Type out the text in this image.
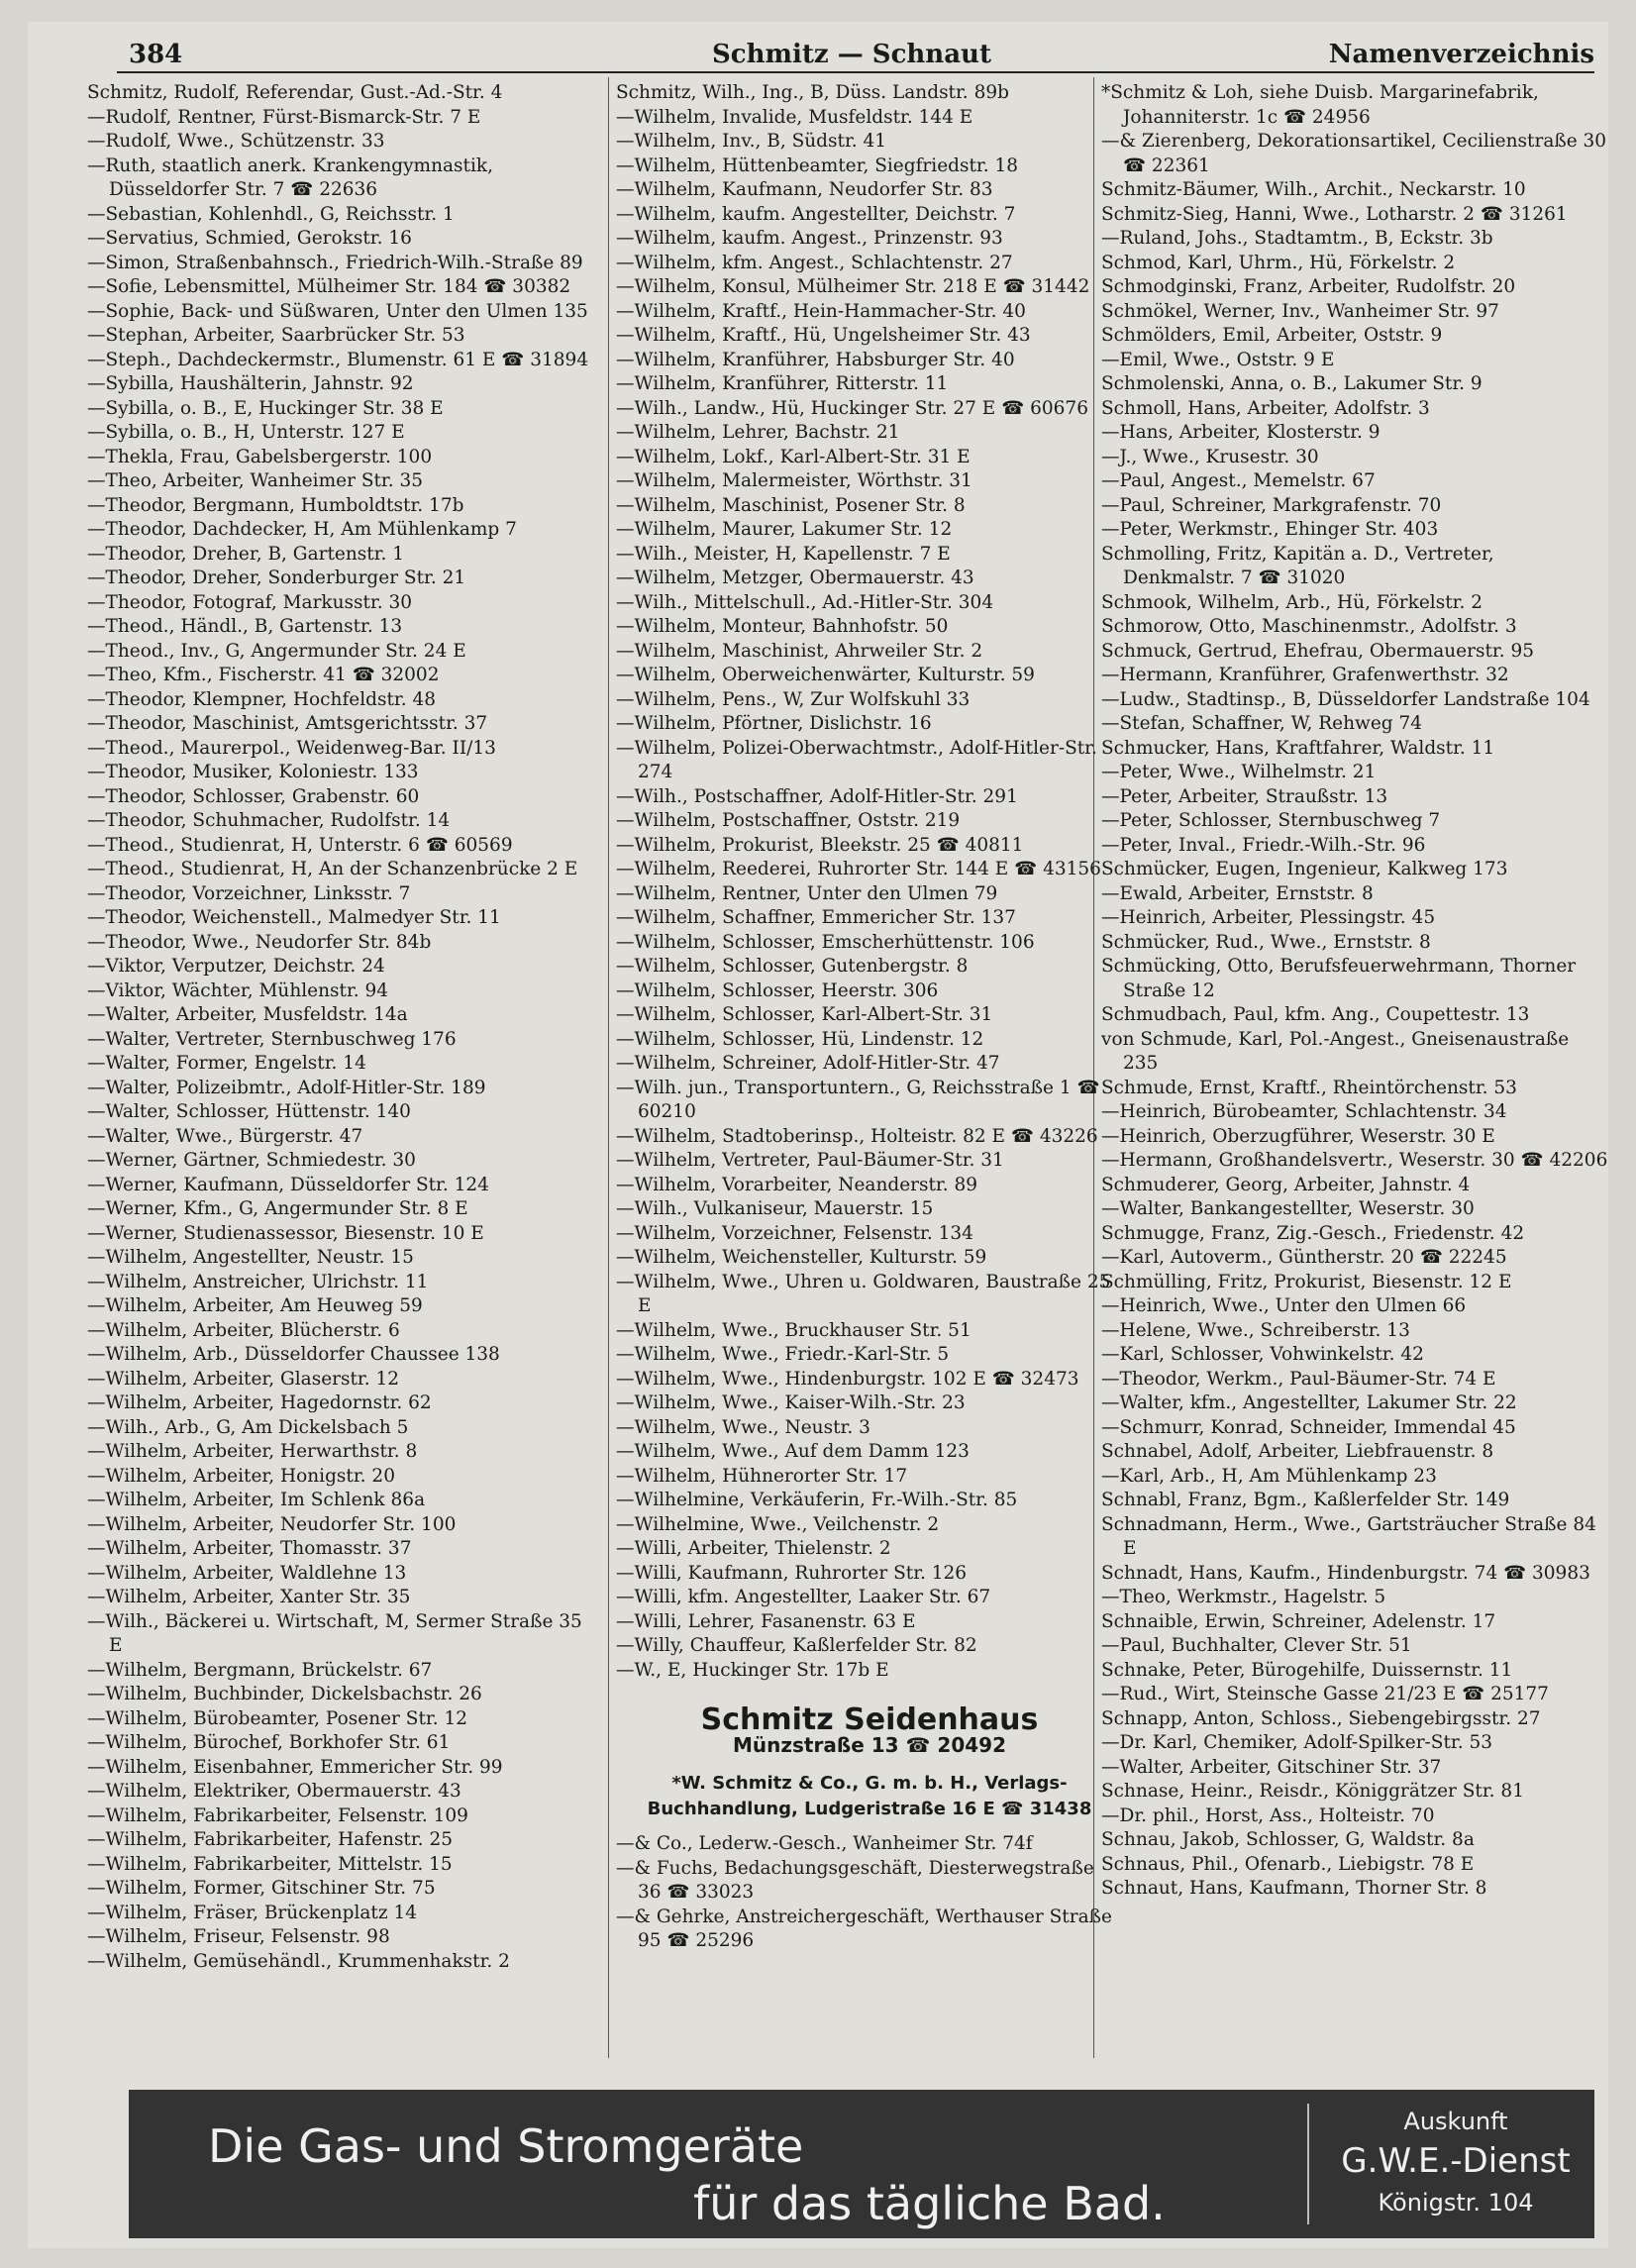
384	Schmitz — Schnaut	Namenverzeichnis

Schmitz, Rudolf, Referendar, Gust.-Ad.-Str. 4

—Rudolf, Rentner, Fürst-Bismarck-Str. 7 E

—Rudolf, Wwe., Schützenstr. 33

—Ruth, staatlich anerk. Krankengymnastik, Düsseldorfer Str. 7 ☎ 22636

—Sebastian, Kohlenhdl., G, Reichsstr. 1

—Servatius, Schmied, Gerokstr. 16

—Simon, Straßenbahnsch., Friedrich-Wilh.-Straße 89

—Sofie, Lebensmittel, Mülheimer Str. 184 ☎ 30382

—Sophie, Back- und Süßwaren, Unter den Ulmen 135

—Stephan, Arbeiter, Saarbrücker Str. 53

—Steph., Dachdeckermstr., Blumenstr. 61 E ☎ 31894

—Sybilla, Haushälterin, Jahnstr. 92

—Sybilla, o. B., E, Huckinger Str. 38 E

—Sybilla, o. B., H, Unterstr. 127 E

—Thekla, Frau, Gabelsbergerstr. 100

—Theo, Arbeiter, Wanheimer Str. 35

—Theodor, Bergmann, Humboldtstr. 17b

—Theodor, Dachdecker, H, Am Mühlenkamp 7

—Theodor, Dreher, B, Gartenstr. 1

—Theodor, Dreher, Sonderburger Str. 21

—Theodor, Fotograf, Markusstr. 30

—Theod., Händl., B, Gartenstr. 13

—Theod., Inv., G, Angermunder Str. 24 E

—Theo, Kfm., Fischerstr. 41 ☎ 32002

—Theodor, Klempner, Hochfeldstr. 48

—Theodor, Maschinist, Amtsgerichtsstr. 37

—Theod., Maurerpol., Weidenweg-Bar. II/13

—Theodor, Musiker, Koloniestr. 133

—Theodor, Schlosser, Grabenstr. 60

—Theodor, Schuhmacher, Rudolfstr. 14

—Theod., Studienrat, H, Unterstr. 6 ☎ 60569

—Theod., Studienrat, H, An der Schanzenbrücke 2 E

—Theodor, Vorzeichner, Linksstr. 7

—Theodor, Weichenstell., Malmedyer Str. 11

—Theodor, Wwe., Neudorfer Str. 84b

—Viktor, Verputzer, Deichstr. 24

—Viktor, Wächter, Mühlenstr. 94

—Walter, Arbeiter, Musfeldstr. 14a

—Walter, Vertreter, Sternbuschweg 176

—Walter, Former, Engelstr. 14

—Walter, Polizeibmtr., Adolf-Hitler-Str. 189

—Walter, Schlosser, Hüttenstr. 140

—Walter, Wwe., Bürgerstr. 47

—Werner, Gärtner, Schmiedestr. 30

—Werner, Kaufmann, Düsseldorfer Str. 124

—Werner, Kfm., G, Angermunder Str. 8 E

—Werner, Studienassessor, Biesenstr. 10 E

—Wilhelm, Angestellter, Neustr. 15

—Wilhelm, Anstreicher, Ulrichstr. 11

—Wilhelm, Arbeiter, Am Heuweg 59

—Wilhelm, Arbeiter, Blücherstr. 6

—Wilhelm, Arb., Düsseldorfer Chaussee 138

—Wilhelm, Arbeiter, Glaserstr. 12

—Wilhelm, Arbeiter, Hagedornstr. 62

—Wilh., Arb., G, Am Dickelsbach 5

—Wilhelm, Arbeiter, Herwarthstr. 8

—Wilhelm, Arbeiter, Honigstr. 20

—Wilhelm, Arbeiter, Im Schlenk 86a

—Wilhelm, Arbeiter, Neudorfer Str. 100

—Wilhelm, Arbeiter, Thomasstr. 37

—Wilhelm, Arbeiter, Waldlehne 13

—Wilhelm, Arbeiter, Xanter Str. 35

—Wilh., Bäckerei u. Wirtschaft, M, Sermer Straße 35 E

—Wilhelm, Bergmann, Brückelstr. 67

—Wilhelm, Buchbinder, Dickelsbachstr. 26

—Wilhelm, Bürobeamter, Posener Str. 12

—Wilhelm, Bürochef, Borkhofer Str. 61

—Wilhelm, Eisenbahner, Emmericher Str. 99

—Wilhelm, Elektriker, Obermauerstr. 43

—Wilhelm, Fabrikarbeiter, Felsenstr. 109

—Wilhelm, Fabrikarbeiter, Hafenstr. 25

—Wilhelm, Fabrikarbeiter, Mittelstr. 15

—Wilhelm, Former, Gitschiner Str. 75

—Wilhelm, Fräser, Brückenplatz 14

—Wilhelm, Friseur, Felsenstr. 98

—Wilhelm, Gemüsehändl., Krummenhakstr. 2

Schmitz, Wilh., Ing., B, Düss. Landstr. 89b

—Wilhelm, Invalide, Musfeldstr. 144 E

—Wilhelm, Inv., B, Südstr. 41

—Wilhelm, Hüttenbeamter, Siegfriedstr. 18

—Wilhelm, Kaufmann, Neudorfer Str. 83

—Wilhelm, kaufm. Angestellter, Deichstr. 7

—Wilhelm, kaufm. Angest., Prinzenstr. 93

—Wilhelm, kfm. Angest., Schlachtenstr. 27

—Wilhelm, Konsul, Mülheimer Str. 218 E ☎ 31442

—Wilhelm, Kraftf., Hein-Hammacher-Str. 40

—Wilhelm, Kraftf., Hü, Ungelsheimer Str. 43

—Wilhelm, Kranführer, Habsburger Str. 40

—Wilhelm, Kranführer, Ritterstr. 11

—Wilh., Landw., Hü, Huckinger Str. 27 E ☎ 60676

—Wilhelm, Lehrer, Bachstr. 21

—Wilhelm, Lokf., Karl-Albert-Str. 31 E

—Wilhelm, Malermeister, Wörthstr. 31

—Wilhelm, Maschinist, Posener Str. 8

—Wilhelm, Maurer, Lakumer Str. 12

—Wilh., Meister, H, Kapellenstr. 7 E

—Wilhelm, Metzger, Obermauerstr. 43

—Wilh., Mittelschull., Ad.-Hitler-Str. 304

—Wilhelm, Monteur, Bahnhofstr. 50

—Wilhelm, Maschinist, Ahrweiler Str. 2

—Wilhelm, Oberweichenwärter, Kulturstr. 59

—Wilhelm, Pens., W, Zur Wolfskuhl 33

—Wilhelm, Pförtner, Dislichstr. 16

—Wilhelm, Polizei-Oberwachtmstr., Adolf-Hitler-Str. 274

—Wilh., Postschaffner, Adolf-Hitler-Str. 291

—Wilhelm, Postschaffner, Oststr. 219

—Wilhelm, Prokurist, Bleekstr. 25 ☎ 40811

—Wilhelm, Reederei, Ruhrorter Str. 144 E ☎ 43156

—Wilhelm, Rentner, Unter den Ulmen 79

—Wilhelm, Schaffner, Emmericher Str. 137

—Wilhelm, Schlosser, Emscherhüttenstr. 106

—Wilhelm, Schlosser, Gutenbergstr. 8

—Wilhelm, Schlosser, Heerstr. 306

—Wilhelm, Schlosser, Karl-Albert-Str. 31

—Wilhelm, Schlosser, Hü, Lindenstr. 12

—Wilhelm, Schreiner, Adolf-Hitler-Str. 47

—Wilh. jun., Transportuntern., G, Reichsstraße 1 ☎ 60210

—Wilhelm, Stadtoberinsp., Holteistr. 82 E ☎ 43226

—Wilhelm, Vertreter, Paul-Bäumer-Str. 31

—Wilhelm, Vorarbeiter, Neanderstr. 89

—Wilh., Vulkaniseur, Mauerstr. 15

—Wilhelm, Vorzeichner, Felsenstr. 134

—Wilhelm, Weichensteller, Kulturstr. 59

—Wilhelm, Wwe., Uhren u. Goldwaren, Baustraße 25 E

—Wilhelm, Wwe., Bruckhauser Str. 51

—Wilhelm, Wwe., Friedr.-Karl-Str. 5

—Wilhelm, Wwe., Hindenburgstr. 102 E ☎ 32473

—Wilhelm, Wwe., Kaiser-Wilh.-Str. 23

—Wilhelm, Wwe., Neustr. 3

—Wilhelm, Wwe., Auf dem Damm 123

—Wilhelm, Hühnerorter Str. 17

—Wilhelmine, Verkäuferin, Fr.-Wilh.-Str. 85

—Wilhelmine, Wwe., Veilchenstr. 2

—Willi, Arbeiter, Thielenstr. 2

—Willi, Kaufmann, Ruhrorter Str. 126

—Willi, kfm. Angestellter, Laaker Str. 67

—Willi, Lehrer, Fasanenstr. 63 E

—Willy, Chauffeur, Kaßlerfelder Str. 82

—W., E, Huckinger Str. 17b E

Schmitz Seidenhaus
Münzstraße 13 ☎ 20492
*W. Schmitz & Co., G. m. b. H., Verlags-Buchhandlung, Ludgeristraße 16 E ☎ 31438

—& Co., Lederw.-Gesch., Wanheimer Str. 74f

—& Fuchs, Bedachungsgeschäft, Diesterwegstraße 36 ☎ 33023

—& Gehrke, Anstreichergeschäft, Werthauser Straße 95 ☎ 25296

*Schmitz & Loh, siehe Duisb. Margarinefabrik, Johanniterstr. 1c ☎ 24956

—& Zierenberg, Dekorationsartikel, Cecilienstraße 30 ☎ 22361

Schmitz-Bäumer, Wilh., Archit., Neckarstr. 10

Schmitz-Sieg, Hanni, Wwe., Lotharstr. 2 ☎ 31261

—Ruland, Johs., Stadtamtm., B, Eckstr. 3b

Schmod, Karl, Uhrm., Hü, Förkelstr. 2

Schmodginski, Franz, Arbeiter, Rudolfstr. 20

Schmökel, Werner, Inv., Wanheimer Str. 97

Schmölders, Emil, Arbeiter, Oststr. 9

—Emil, Wwe., Oststr. 9 E

Schmolenski, Anna, o. B., Lakumer Str. 9

Schmoll, Hans, Arbeiter, Adolfstr. 3

—Hans, Arbeiter, Klosterstr. 9

—J., Wwe., Krusestr. 30

—Paul, Angest., Memelstr. 67

—Paul, Schreiner, Markgrafenstr. 70

—Peter, Werkmstr., Ehinger Str. 403

Schmolling, Fritz, Kapitän a. D., Vertreter, Denkmalstr. 7 ☎ 31020

Schmook, Wilhelm, Arb., Hü, Förkelstr. 2

Schmorow, Otto, Maschinenmstr., Adolfstr. 3

Schmuck, Gertrud, Ehefrau, Obermauerstr. 95

—Hermann, Kranführer, Grafenwerthstr. 32

—Ludw., Stadtinsp., B, Düsseldorfer Landstraße 104

—Stefan, Schaffner, W, Rehweg 74

Schmucker, Hans, Kraftfahrer, Waldstr. 11

—Peter, Wwe., Wilhelmstr. 21

—Peter, Arbeiter, Straußstr. 13

—Peter, Schlosser, Sternbuschweg 7

—Peter, Inval., Friedr.-Wilh.-Str. 96

Schmücker, Eugen, Ingenieur, Kalkweg 173

—Ewald, Arbeiter, Ernststr. 8

—Heinrich, Arbeiter, Plessingstr. 45

Schmücker, Rud., Wwe., Ernststr. 8

Schmücking, Otto, Berufsfeuerwehrmann, Thorner Straße 12

Schmudbach, Paul, kfm. Ang., Coupettestr. 13

von Schmude, Karl, Pol.-Angest., Gneisenaustraße 235

Schmude, Ernst, Kraftf., Rheintörchenstr. 53

—Heinrich, Bürobeamter, Schlachtenstr. 34

—Heinrich, Oberzugführer, Weserstr. 30 E

—Hermann, Großhandelsvertr., Weserstr. 30 ☎ 42206

Schmuderer, Georg, Arbeiter, Jahnstr. 4

—Walter, Bankangestellter, Weserstr. 30

Schmugge, Franz, Zig.-Gesch., Friedenstr. 42

—Karl, Autoverm., Güntherstr. 20 ☎ 22245

Schmülling, Fritz, Prokurist, Biesenstr. 12 E

—Heinrich, Wwe., Unter den Ulmen 66

—Helene, Wwe., Schreiberstr. 13

—Karl, Schlosser, Vohwinkelstr. 42

—Theodor, Werkm., Paul-Bäumer-Str. 74 E

—Walter, kfm., Angestellter, Lakumer Str. 22

—Schmurr, Konrad, Schneider, Immendal 45

Schnabel, Adolf, Arbeiter, Liebfrauenstr. 8

—Karl, Arb., H, Am Mühlenkamp 23

Schnabl, Franz, Bgm., Kaßlerfelder Str. 149

Schnadmann, Herm., Wwe., Gartsträucher Straße 84 E

Schnadt, Hans, Kaufm., Hindenburgstr. 74 ☎ 30983

—Theo, Werkmstr., Hagelstr. 5

Schnaible, Erwin, Schreiner, Adelenstr. 17

—Paul, Buchhalter, Clever Str. 51

Schnake, Peter, Bürogehilfe, Duissernstr. 11

—Rud., Wirt, Steinsche Gasse 21/23 E ☎ 25177

Schnapp, Anton, Schloss., Siebengebirgsstr. 27

—Dr. Karl, Chemiker, Adolf-Spilker-Str. 53

—Walter, Arbeiter, Gitschiner Str. 37

Schnase, Heinr., Reisdr., Königgrätzer Str. 81

—Dr. phil., Horst, Ass., Holteistr. 70

Schnau, Jakob, Schlosser, G, Waldstr. 8a

Schnaus, Phil., Ofenarb., Liebigstr. 78 E

Schnaut, Hans, Kaufmann, Thorner Str. 8

Die Gas- und Stromgeräte
für das tägliche Bad.
Auskunft
G.W.E.-Dienst
Königstr. 104
